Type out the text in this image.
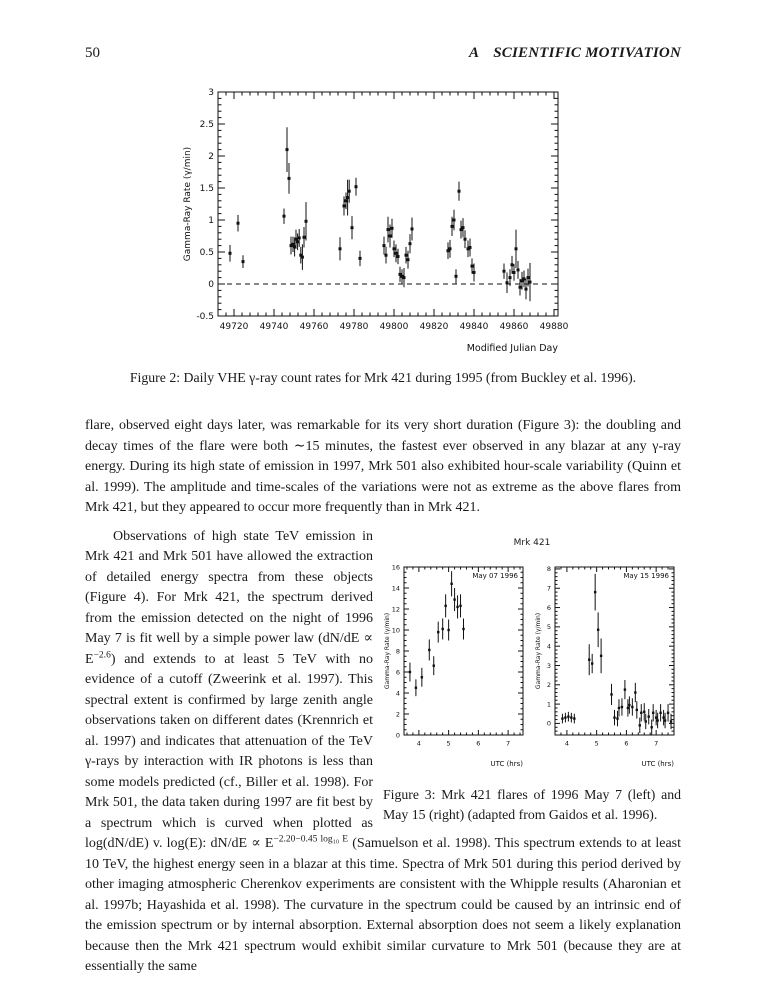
50	A SCIENTIFIC MOTIVATION
49720 49740 49760 49780 49800 49820 49840 49860 49880
-0.5
0
0.5
1
1.5
2
2.5
3
Modified Julian Day
Gamma-Ray Rate (γ/min)
Figure 2: Daily VHE γ-ray count rates for Mrk 421 during 1995 (from Buckley et al. 1996).
flare, observed eight days later, was remarkable for its very short duration (Figure 3): the doubling and decay times of the flare were both ∼15 minutes, the fastest ever observed in any blazar at any γ-ray energy. During its high state of emission in 1997, Mrk 501 also exhibited hour-scale variability (Quinn et al. 1999). The amplitude and time-scales of the variations were not as extreme as the above flares from Mrk 421, but they appeared to occur more frequently than in Mrk 421.
Mrk 421
4	5	6	7
0
2
4
6
8
10
12
14
16
May 07 1996
UTC (hrs)
Gamma-Ray Rate (γ/min)
4	5	6	7
0
1
2
3
4
5
6
7
8
May 15 1996
UTC (hrs)
Gamma-Ray Rate (γ/min)
Figure 3: Mrk 421 flares of 1996 May 7 (left) and May 15 (right) (adapted from Gaidos et al. 1996).
Observations of high state TeV emission in Mrk 421 and Mrk 501 have allowed the extraction of detailed energy spectra from these objects (Figure 4). For Mrk 421, the spectrum derived from the emission detected on the night of 1996 May 7 is fit well by a simple power law $(dN/dE \propto E^{-2.6})$ and extends to at least 5 TeV with no evidence of a cutoff (Zweerink et al. 1997). This spectral extent is confirmed by large zenith angle observations taken on different dates (Krennrich et al. 1997) and indicates that attenuation of the TeV γ-rays by interaction with IR photons is less than some models predicted (cf., Biller et al. 1998). For Mrk 501, the data taken during 1997 are fit best by a spectrum which is curved when plotted as log(dN/dE) v. log(E): $dN/dE \propto E^{-2.20-0.45 log_{10} E}$ (Samuelson et al. 1998). This spectrum extends to at least 10 TeV, the highest energy seen in a blazar at this time. Spectra of Mrk 501 during this period derived by other imaging atmospheric Cherenkov experiments are consistent with the Whipple results (Aharonian et al. 1997b; Hayashida et al. 1998). The curvature in the spectrum could be caused by an intrinsic end of the emission spectrum or by internal absorption. External absorption does not seem a likely explanation because then the Mrk 421 spectrum would exhibit similar curvature to Mrk 501 (because they are at essentially the same
